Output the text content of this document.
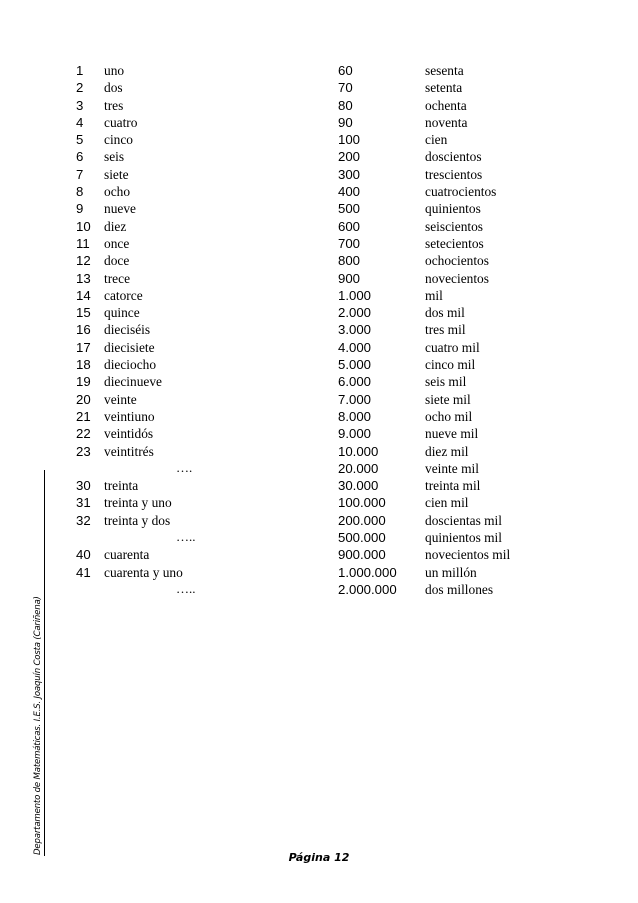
Departamento de Matemáticas. I.E.S. Joaquín Costa (Cariñena)
1 uno
2 dos
3 tres
4 cuatro
5 cinco
6 seis
7 siete
8 ocho
9 nueve
10 diez
11 once
12 doce
13 trece
14 catorce
15 quince
16 dieciséis
17 diecisiete
18 dieciocho
19 diecinueve
20 veinte
21 veintiuno
22 veintidós
23 veintitrés
….
30 treinta
31 treinta y uno
32 treinta y dos
…..
40 cuarenta
41 cuarenta y uno
…..
60	sesenta
70	setenta
80	ochenta
90	noventa
100	cien
200	doscientos
300	trescientos
400	cuatrocientos
500	quinientos
600	seiscientos
700	setecientos
800	ochocientos
900	novecientos
1.000	mil
2.000	dos mil
3.000	tres mil
4.000	cuatro mil
5.000	cinco mil
6.000	seis mil
7.000	siete mil
8.000	ocho mil
9.000	nueve mil
10.000	diez mil
20.000	veinte mil
30.000	treinta mil
100.000	cien mil
200.000	doscientas mil
500.000	quinientos mil
900.000	novecientos mil
1.000.000 un millón
2.000.000 dos millones
Página 12
